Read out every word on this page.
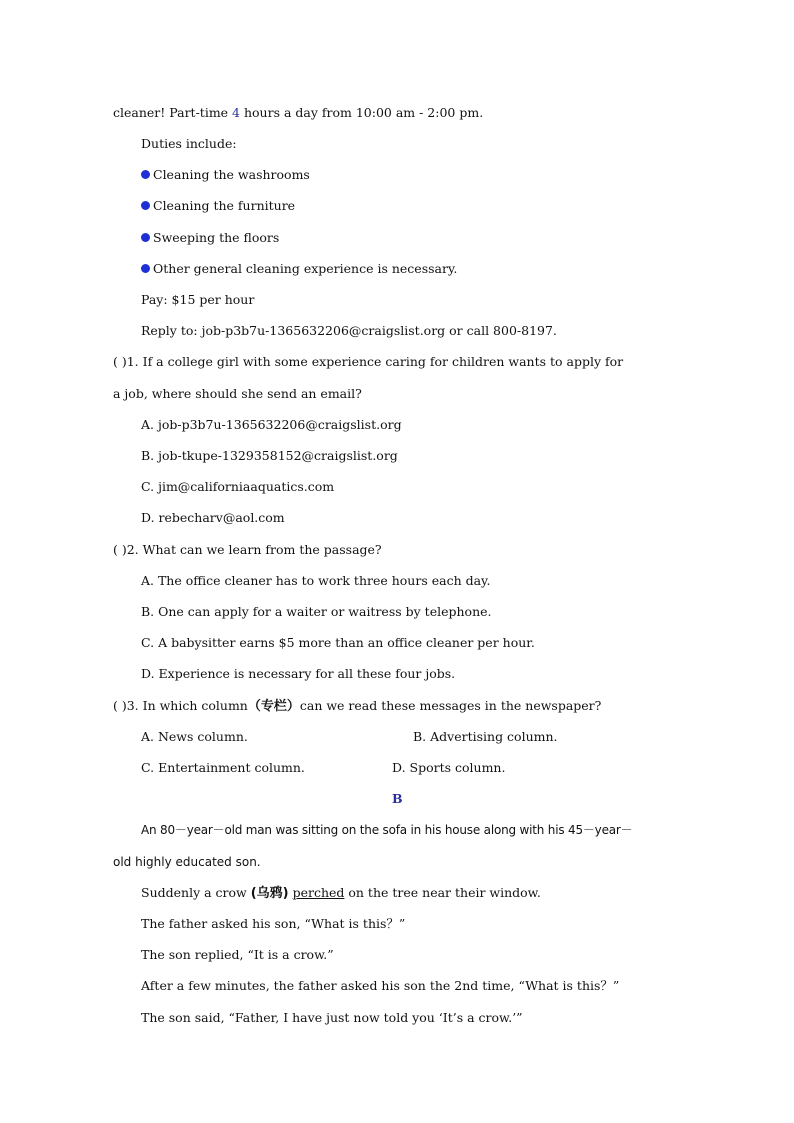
cleaner! Part-time 4 hours a day from 10:00 am - 2:00 pm.
Duties include:
Cleaning the washrooms
Cleaning the furniture
Sweeping the floors
Other general cleaning experience is necessary.
Pay: $15 per hour
Reply to: job-p3b7u-1365632206@craigslist.org or call 800-8197.
( )1. If a college girl with some experience caring for children wants to apply for
a job, where should she send an email?
A. job-p3b7u-1365632206@craigslist.org
B. job-tkupe-1329358152@craigslist.org
C. jim@californiaaquatics.com
D. rebecharv@aol.com
( )2. What can we learn from the passage?
A. The office cleaner has to work three hours each day.
B. One can apply for a waiter or waitress by telephone.
C. A babysitter earns $5 more than an office cleaner per hour.
D. Experience is necessary for all these four jobs.
( )3. In which column（专栏）can we read these messages in the newspaper?
A. News column.	B. Advertising column.
C. Entertainment column.	D. Sports column.
B
An 80－year－old man was sitting on the sofa in his house along with his 45－year－
old highly educated son.
Suddenly a crow (乌鸦) perched on the tree near their window.
The father asked his son, “What is this？”
The son replied, “It is a crow.”
After a few minutes, the father asked his son the 2nd time, “What is this？”
The son said, “Father, I have just now told you ‘It’s a crow.’”
